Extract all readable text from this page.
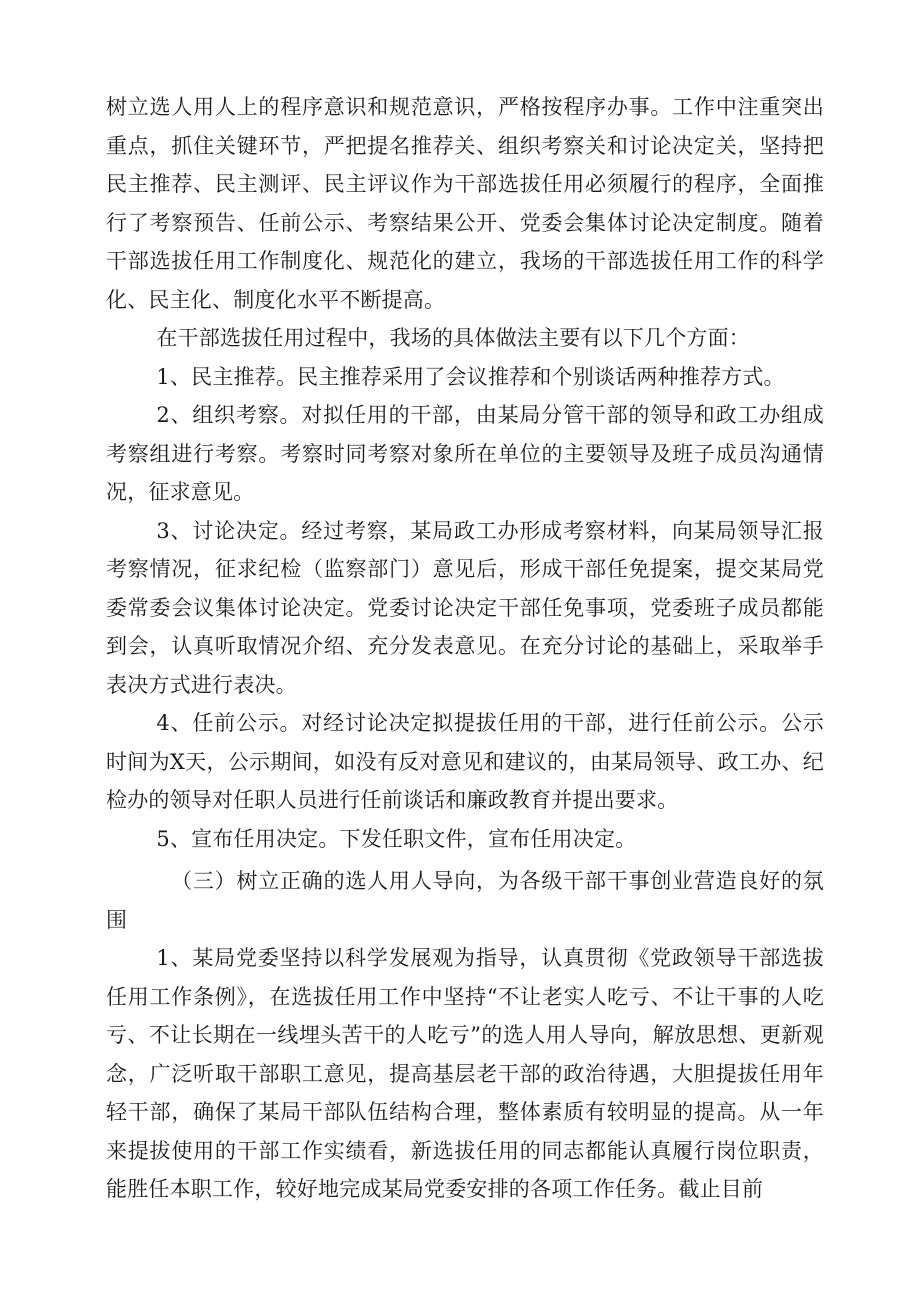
树立选人用人上的程序意识和规范意识，严格按程序办事。工作中注重突出重点，抓住关键环节，严把提名推荐关、组织考察关和讨论决定关，坚持把民主推荐、民主测评、民主评议作为干部选拔任用必须履行的程序，全面推行了考察预告、任前公示、考察结果公开、党委会集体讨论决定制度。随着干部选拔任用工作制度化、规范化的建立，我场的干部选拔任用工作的科学化、民主化、制度化水平不断提高。

在干部选拔任用过程中，我场的具体做法主要有以下几个方面：

1、民主推荐。民主推荐采用了会议推荐和个别谈话两种推荐方式。

2、组织考察。对拟任用的干部，由某局分管干部的领导和政工办组成考察组进行考察。考察时同考察对象所在单位的主要领导及班子成员沟通情况，征求意见。

3、讨论决定。经过考察，某局政工办形成考察材料，向某局领导汇报考察情况，征求纪检（监察部门）意见后，形成干部任免提案，提交某局党委常委会议集体讨论决定。党委讨论决定干部任免事项，党委班子成员都能到会，认真听取情况介绍、充分发表意见。在充分讨论的基础上，采取举手表决方式进行表决。

4、任前公示。对经讨论决定拟提拔任用的干部，进行任前公示。公示时间为X天，公示期间，如没有反对意见和建议的，由某局领导、政工办、纪检办的领导对任职人员进行任前谈话和廉政教育并提出要求。

5、宣布任用决定。下发任职文件，宣布任用决定。

（三）树立正确的选人用人导向，为各级干部干事创业营造良好的氛围

1、某局党委坚持以科学发展观为指导，认真贯彻《党政领导干部选拔任用工作条例》，在选拔任用工作中坚持“不让老实人吃亏、不让干事的人吃亏、不让长期在一线埋头苦干的人吃亏”的选人用人导向，解放思想、更新观念，广泛听取干部职工意见，提高基层老干部的政治待遇，大胆提拔任用年轻干部，确保了某局干部队伍结构合理，整体素质有较明显的提高。从一年来提拔使用的干部工作实绩看，新选拔任用的同志都能认真履行岗位职责，能胜任本职工作，较好地完成某局党委安排的各项工作任务。截止目前
